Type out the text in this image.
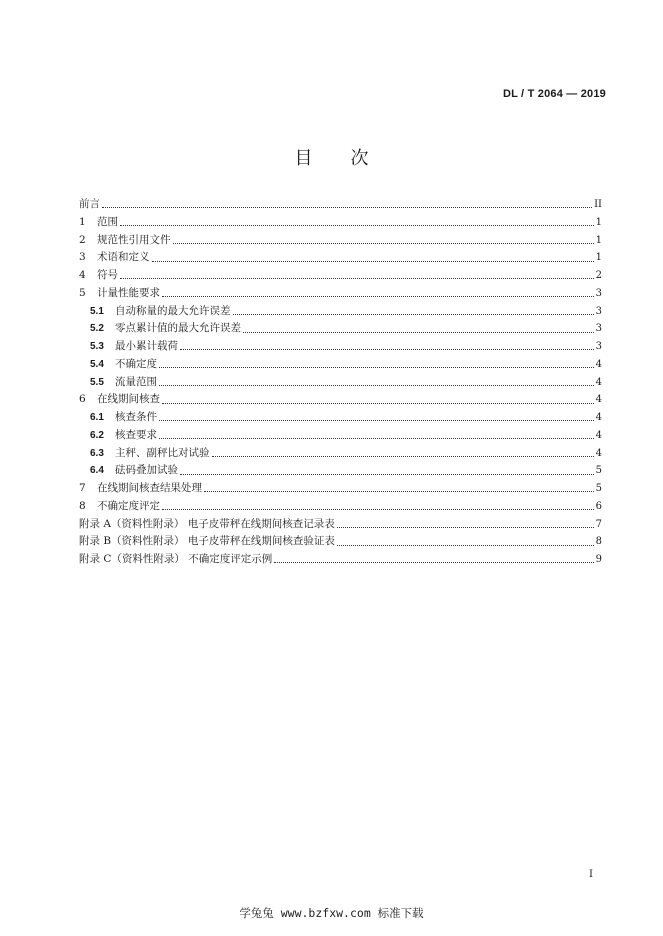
DL / T 2064 — 2019
目次
前言	II
1	范围	1
2	规范性引用文件	1
3	术语和定义	1
4	符号	2
5	计量性能要求	3
5.1	自动称量的最大允许误差	3
5.2	零点累计值的最大允许误差	3
5.3	最小累计载荷	3
5.4	不确定度	4
5.5	流量范围	4
6	在线期间核查	4
6.1	核查条件	4
6.2	核查要求	4
6.3	主秤、副秤比对试验	4
6.4	砝码叠加试验	5
7	在线期间核查结果处理	5
8	不确定度评定	6
附录 A（资料性附录） 电子皮带秤在线期间核查记录表	7
附录 B（资料性附录） 电子皮带秤在线期间核查验证表	8
附录 C（资料性附录） 不确定度评定示例	9
I
学兔兔 www.bzfxw.com 标准下载
